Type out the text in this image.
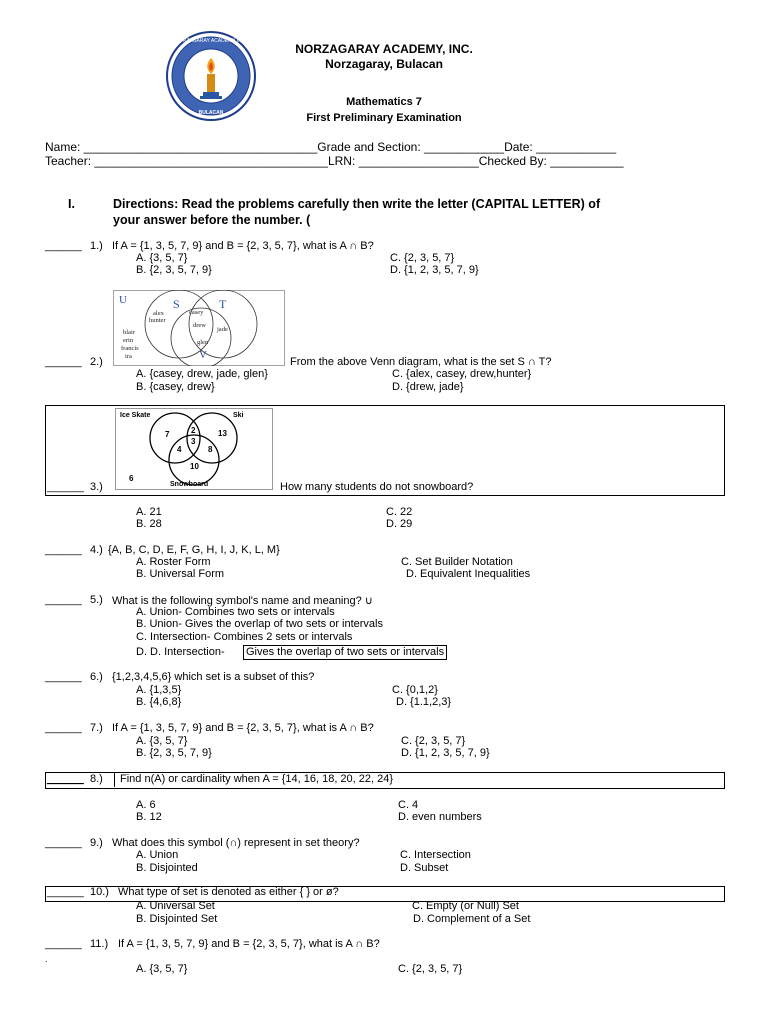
NORZAGARAY ACADEMY INC.
BULACAN
NORZAGARAY ACADEMY, INC.
Norzagaray, Bulacan
Mathematics 7
First Preliminary Examination
Name: ___________________________________Grade and Section: ____________Date: ____________
Teacher: ___________________________________LRN: __________________Checked By: ___________
I.	Directions: Read the problems carefully then write the letter (CAPITAL LETTER) of
your answer before the number. (
______ 1.) If A = {1, 3, 5, 7, 9} and B = {2, 3, 5, 7}, what is A ∩ B?
A. {3, 5, 7}	C. {2, 3, 5, 7}
B. {2, 3, 5, 7, 9}	D. {1, 2, 3, 5, 7, 9}
U	S	T
V
alex
hunter
casey
drew
jade
glen
blair
erin
francis
ira
______ 2.)	From the above Venn diagram, what is the set S ∩ T?
A. {casey, drew, jade, glen}	C. {alex, casey, drew,hunter}
B. {casey, drew}	D. {drew, jade}
Ice Skate	Ski
Snowboard
7	2	13
3
4	8
10
6
______ 3.)	How many students do not snowboard?
A. 21	C. 22
B. 28	D. 29
______ 4.) {A, B, C, D, E, F, G, H, I, J, K, L, M}
A. Roster Form	C. Set Builder Notation
B. Universal Form	D. Equivalent Inequalities
______ 5.) What is the following symbol's name and meaning? ∪
A. Union- Combines two sets or intervals
B. Union- Gives the overlap of two sets or intervals
C. Intersection- Combines 2 sets or intervals
D. D. Intersection- Gives the overlap of two sets or intervals
______ 6.) {1,2,3,4,5,6} which set is a subset of this?
A. {1,3,5}	C. {0,1,2}
B. {4,6,8}	D. {1.1,2,3}
______ 7.) If A = {1, 3, 5, 7, 9} and B = {2, 3, 5, 7}, what is A ∩ B?
A. {3, 5, 7}	C. {2, 3, 5, 7}
B. {2, 3, 5, 7, 9}	D. {1, 2, 3, 5, 7, 9}
______ 8.) Find n(A) or cardinality when A = {14, 16, 18, 20, 22, 24}
A. 6	C. 4
B. 12	D. even numbers
______ 9.) What does this symbol (∩) represent in set theory?
A. Union	C. Intersection
B. Disjointed	D. Subset
______ 10.) What type of set is denoted as either { } or ø?
A. Universal Set	C. Empty (or Null) Set
B. Disjointed Set	D. Complement of a Set
______ 11.) If A = {1, 3, 5, 7, 9} and B = {2, 3, 5, 7}, what is A ∩ B?
.
A. {3, 5, 7}	C. {2, 3, 5, 7}
